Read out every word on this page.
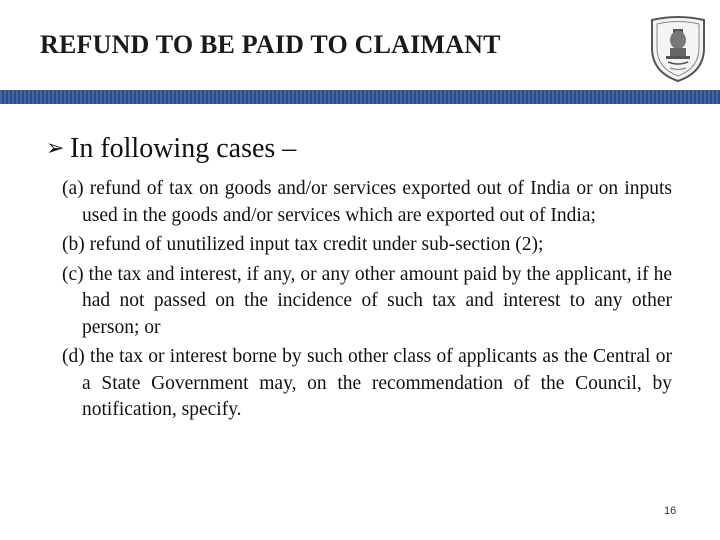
REFUND TO BE PAID TO CLAIMANT
➢ In following cases –

(a) refund of tax on goods and/or services exported out of India or on inputs used in the goods and/or services which are exported out of India;

(b) refund of unutilized input tax credit under sub-section (2);

(c) the tax and interest, if any, or any other amount paid by the applicant, if he had not passed on the incidence of such tax and interest to any other person; or

(d) the tax or interest borne by such other class of applicants as the Central or a State Government may, on the recommendation of the Council, by notification, specify.

16
